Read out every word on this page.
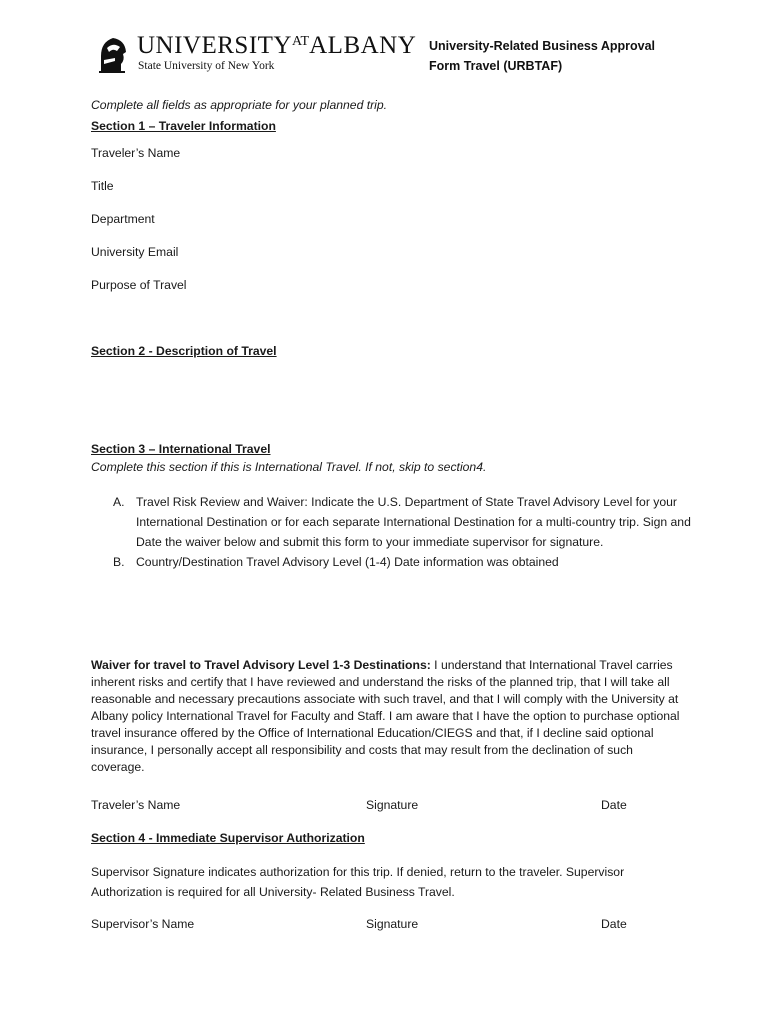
$UNIVERSITY^{AT}ALBANY$
State University of New York
University-Related Business Approval
Form Travel (URBTAF)
Complete all fields as appropriate for your planned trip.
Section 1 – Traveler Information
Traveler’s Name
Title
Department
University Email
Purpose of Travel
Section 2 - Description of Travel
Section 3 – International Travel
Complete this section if this is International Travel. If not, skip to section4.
A. Travel Risk Review and Waiver: Indicate the U.S. Department of State Travel Advisory Level for your International Destination or for each separate International Destination for a multi-country trip. Sign and Date the waiver below and submit this form to your immediate supervisor for signature.
B. Country/Destination Travel Advisory Level (1-4) Date information was obtained
Waiver for travel to Travel Advisory Level 1-3 Destinations: I understand that International Travel carries inherent risks and certify that I have reviewed and understand the risks of the planned trip, that I will take all reasonable and necessary precautions associate with such travel, and that I will comply with the University at Albany policy International Travel for Faculty and Staff. I am aware that I have the option to purchase optional travel insurance offered by the Office of International Education/CIEGS and that, if I decline said optional insurance, I personally accept all responsibility and costs that may result from the declination of such coverage.
Traveler’s Name	Signature	Date
Section 4 - Immediate Supervisor Authorization
Supervisor Signature indicates authorization for this trip. If denied, return to the traveler. Supervisor Authorization is required for all University- Related Business Travel.
Supervisor’s Name	Signature	Date
